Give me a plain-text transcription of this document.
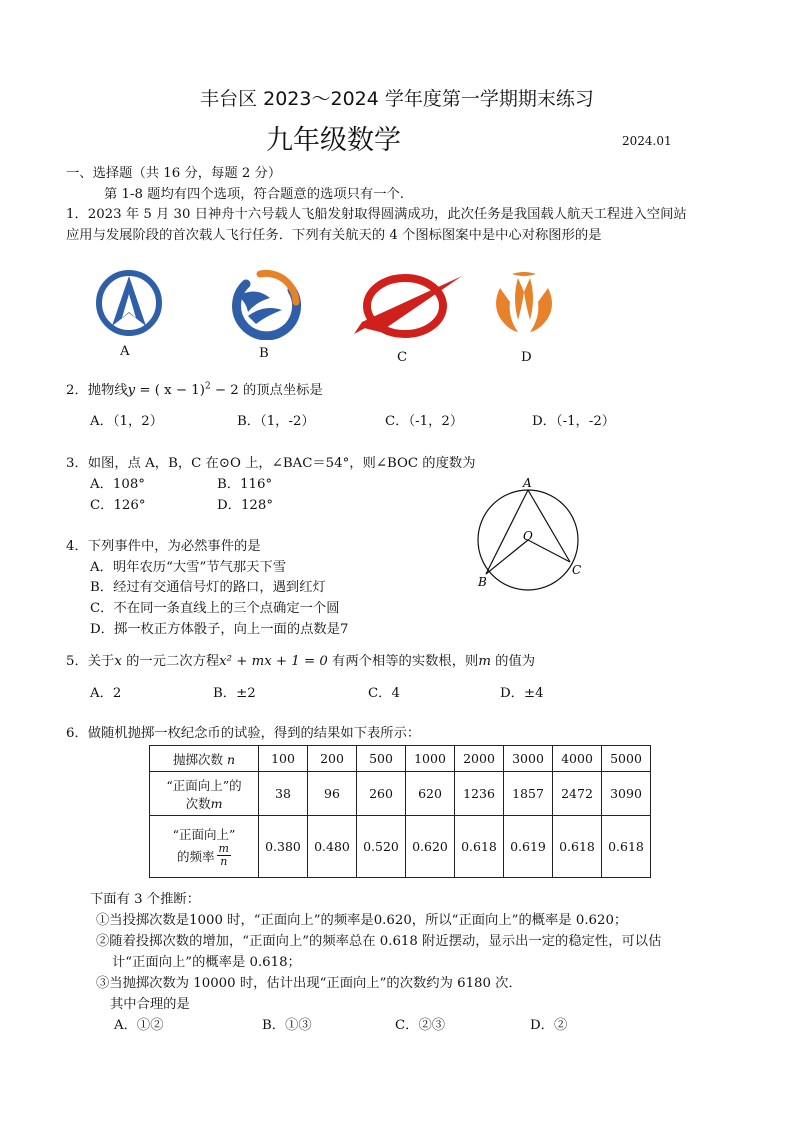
丰台区 2023～2024 学年度第一学期期末练习
九年级数学	2024.01
一、选择题（共 16 分，每题 2 分）
第 1-8 题均有四个选项，符合题意的选项只有一个.
1．2023 年 5 月 30 日神舟十六号载人飞船发射取得圆满成功，此次任务是我国载人航天工程进入空间站
应用与发展阶段的首次载人飞行任务．下列有关航天的 4 个图标图案中是中心对称图形的是
A	B	C	D
2．抛物线y = ( x − 1)$^2$ − 2 的顶点坐标是
A．（1，2）	B．（1，-2）	C．（-1，2）	D．（-1，-2）
3．如图，点 A，B，C 在⊙O 上，∠BAC＝54°，则∠BOC 的度数为
A．108°	B．116°
C．126°	D．128°
A
O
B
C
4．下列事件中，为必然事件的是
A．明年农历“大雪”节气那天下雪
B．经过有交通信号灯的路口，遇到红灯
C．不在同一条直线上的三个点确定一个圆
D．掷一枚正方体骰子，向上一面的点数是7
5．关于x 的一元二次方程x² + mx + 1 = 0 有两个相等的实数根，则m 的值为
A．2	B．±2	C．4	D．±4
6．做随机抛掷一枚纪念币的试验，得到的结果如下表所示：
抛掷次数 n	100	200	500	1000	2000	3000	4000	5000

“正面向上”的
次数m	38	96	260	620	1236	1857	2472	3090

“正面向上”
的频率 $\frac{m}{n}$	0.380	0.480	0.520	0.620	0.618	0.619	0.618	0.618
下面有 3 个推断：
①当投掷次数是1000 时，“正面向上”的频率是0.620，所以“正面向上”的概率是 0.620；
②随着投掷次数的增加，“正面向上”的频率总在 0.618 附近摆动，显示出一定的稳定性，可以估
计“正面向上”的概率是 0.618；
③当抛掷次数为 10000 时，估计出现“正面向上”的次数约为 6180 次．
其中合理的是
A．①②	B．①③	C．②③	D．②
